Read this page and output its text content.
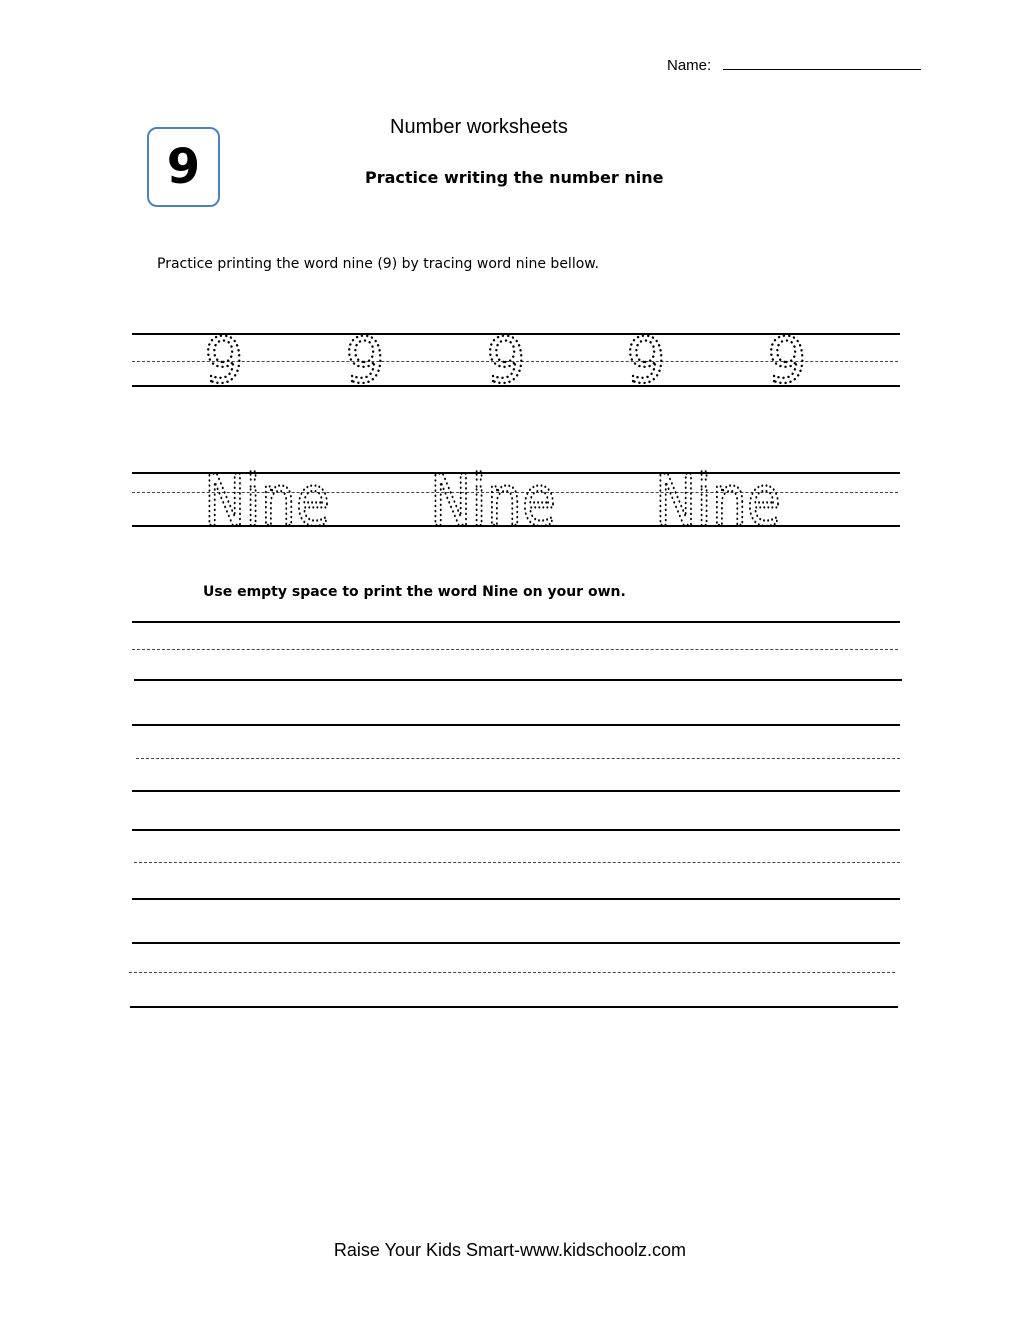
Name:
9
Number worksheets
Practice writing the number nine
Practice printing the word nine (9) by tracing word nine bellow.
9 9 9 9 9
Nine Nine Nine
Use empty space to print the word Nine on your own.
Raise Your Kids Smart-www.kidschoolz.com
